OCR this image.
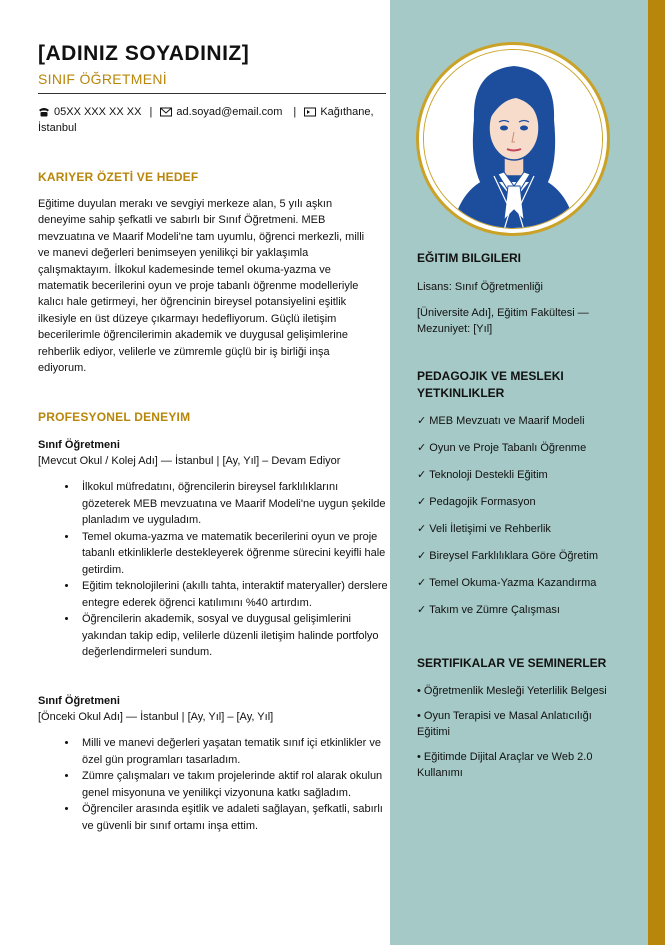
[ADINIZ SOYADINIZ]
SINIF ÖĞRETMENİ
05XX XXX XX XX | ad.soyad@email.com | Kağıthane, İstanbul
KARIYER ÖZETİ VE HEDEF
Eğitime duyulan merakı ve sevgiyi merkeze alan, 5 yılı aşkın deneyime sahip şefkatli ve sabırlı bir Sınıf Öğretmeni. MEB mevzuatına ve Maarif Modeli'ne tam uyumlu, öğrenci merkezli, milli ve manevi değerleri benimseyen yenilikçi bir yaklaşımla çalışmaktayım. İlkokul kademesinde temel okuma-yazma ve matematik becerilerini oyun ve proje tabanlı öğrenme modelleriyle kalıcı hale getirmeyi, her öğrencinin bireysel potansiyelini eşitlik ilkesiyle en üst düzeye çıkarmayı hedefliyorum. Güçlü iletişim becerilerimle öğrencilerimin akademik ve duygusal gelişimlerine rehberlik ediyor, velilerle ve zümremle güçlü bir iş birliği inşa ediyorum.
PROFESYONEL DENEYIM
Sınıf Öğretmeni
[Mevcut Okul / Kolej Adı] — İstanbul | [Ay, Yıl] – Devam Ediyor
• İlkokul müfredatını, öğrencilerin bireysel farklılıklarını gözeterek MEB mevzuatına ve Maarif Modeli'ne uygun şekilde planladım ve uyguladım.
• Temel okuma-yazma ve matematik becerilerini oyun ve proje tabanlı etkinliklerle destekleyerek öğrenme sürecini keyifli hale getirdim.
• Eğitim teknolojilerini (akıllı tahta, interaktif materyaller) derslere entegre ederek öğrenci katılımını %40 artırdım.
• Öğrencilerin akademik, sosyal ve duygusal gelişimlerini yakından takip edip, velilerle düzenli iletişim halinde portfolyo değerlendirmeleri sundum.
Sınıf Öğretmeni
[Önceki Okul Adı] — İstanbul | [Ay, Yıl] – [Ay, Yıl]
• Milli ve manevi değerleri yaşatan tematik sınıf içi etkinlikler ve özel gün programları tasarladım.
• Zümre çalışmaları ve takım projelerinde aktif rol alarak okulun genel misyonuna ve yenilikçi vizyonuna katkı sağladım.
• Öğrenciler arasında eşitlik ve adaleti sağlayan, şefkatli, sabırlı ve güvenli bir sınıf ortamı inşa ettim.
EĞITIM BILGILERI

Lisans: Sınıf Öğretmenliği

[Üniversite Adı], Eğitim Fakültesi — Mezuniyet: [Yıl]

PEDAGOJIK VE MESLEKI YETKINLIKLER
✓ MEB Mevzuatı ve Maarif Modeli
✓ Oyun ve Proje Tabanlı Öğrenme
✓ Teknoloji Destekli Eğitim
✓ Pedagojik Formasyon
✓ Veli İletişimi ve Rehberlik
✓ Bireysel Farklılıklara Göre Öğretim
✓ Temel Okuma-Yazma Kazandırma
✓ Takım ve Zümre Çalışması
SERTIFIKALAR VE SEMINERLER
• Öğretmenlik Mesleği Yeterlilik Belgesi
• Oyun Terapisi ve Masal Anlatıcılığı Eğitimi
• Eğitimde Dijital Araçlar ve Web 2.0 Kullanımı
